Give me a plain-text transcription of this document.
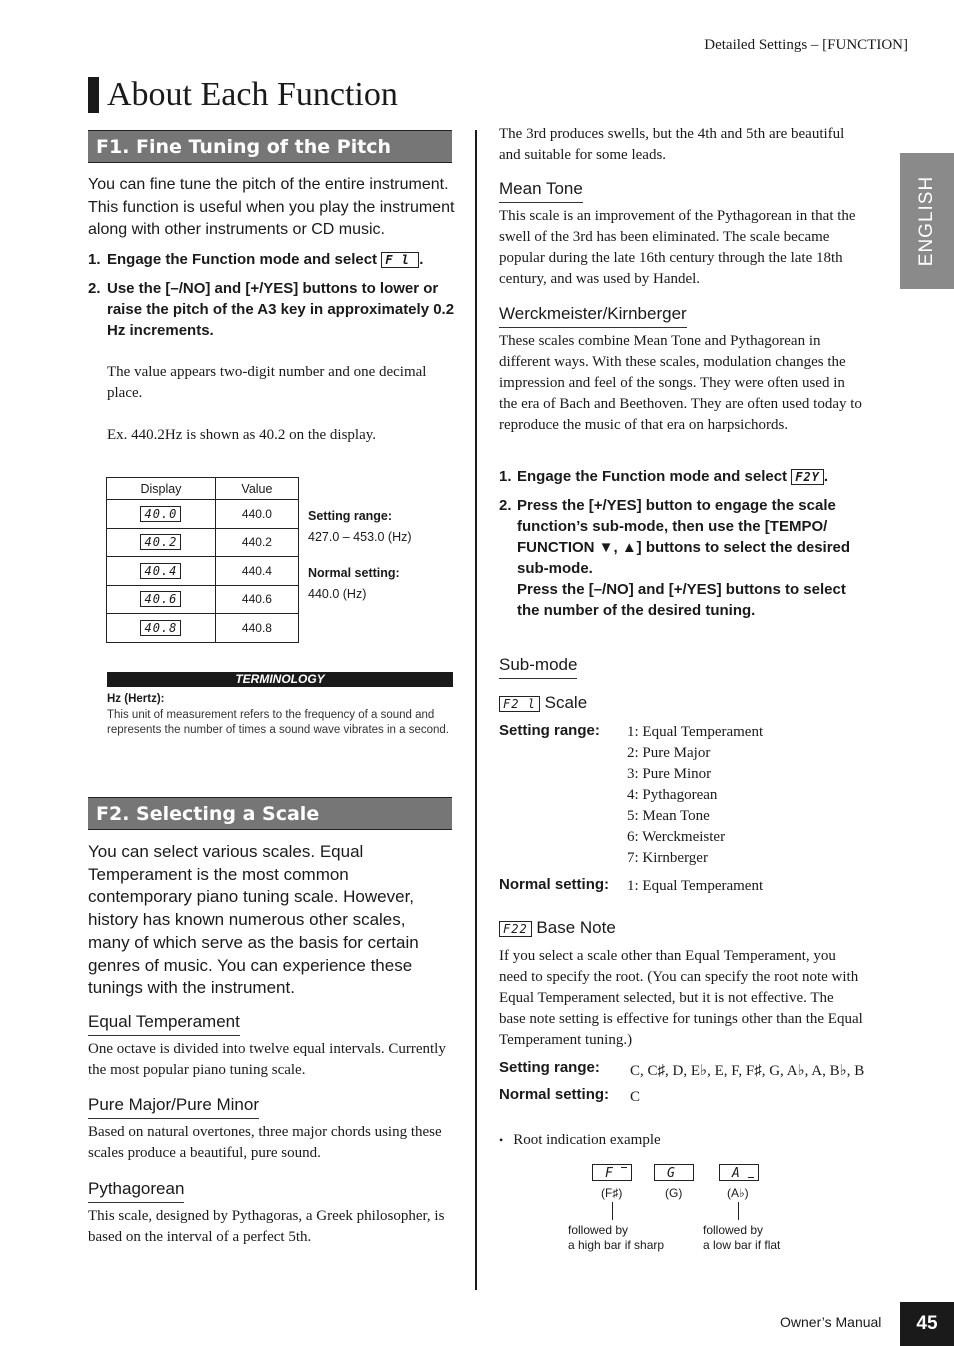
Detailed Settings – [FUNCTION]
About Each Function
ENGLISH
F1. Fine Tuning of the Pitch
You can fine tune the pitch of the entire instrument. This function is useful when you play the instrument along with other instruments or CD music.
1. Engage the Function mode and select F l .
2. Use the [–/NO] and [+/YES] buttons to lower or raise the pitch of the A3 key in approximately 0.2 Hz increments.
The value appears two-digit number and one decimal place.
Ex. 440.2Hz is shown as 40.2 on the display.
Display	Value
40.0	440.0
40.2	440.2
40.4	440.4
40.6	440.6
40.8	440.8
Setting range:
427.0 – 453.0 (Hz)
Normal setting:
440.0 (Hz)
TERMINOLOGY
Hz (Hertz):
This unit of measurement refers to the frequency of a sound and represents the number of times a sound wave vibrates in a second.
F2. Selecting a Scale
You can select various scales. Equal Temperament is the most common contemporary piano tuning scale. However, history has known numerous other scales, many of which serve as the basis for certain genres of music. You can experience these tunings with the instrument.
Equal Temperament
One octave is divided into twelve equal intervals. Currently the most popular piano tuning scale.
Pure Major/Pure Minor
Based on natural overtones, three major chords using these scales produce a beautiful, pure sound.
Pythagorean
This scale, designed by Pythagoras, a Greek philosopher, is based on the interval of a perfect 5th.
The 3rd produces swells, but the 4th and 5th are beautiful and suitable for some leads.
Mean Tone
This scale is an improvement of the Pythagorean in that the swell of the 3rd has been eliminated. The scale became popular during the late 16th century through the late 18th century, and was used by Handel.
Werckmeister/Kirnberger
These scales combine Mean Tone and Pythagorean in different ways. With these scales, modulation changes the impression and feel of the songs. They were often used in the era of Bach and Beethoven. They are often used today to reproduce the music of that era on harpsichords.
1. Engage the Function mode and select F2Y .
2. Press the [+/YES] button to engage the scale function’s sub-mode, then use the [TEMPO/ FUNCTION ▼, ▲] buttons to select the desired sub-mode.
Press the [–/NO] and [+/YES] buttons to select the number of the desired tuning.
Sub-mode
F2 l Scale
Setting range: 1: Equal Temperament
2: Pure Major
3: Pure Minor
4: Pythagorean
5: Mean Tone
6: Werckmeister
7: Kirnberger
Normal setting: 1: Equal Temperament
F22 Base Note
If you select a scale other than Equal Temperament, you need to specify the root. (You can specify the root note with Equal Temperament selected, but it is not effective. The base note setting is effective for tunings other than the Equal Temperament tuning.)
Setting range: C, C♯, D, E♭, E, F, F♯, G, A♭, A, B♭, B
Normal setting: C
• Root indication example
F
(F♯)
G
(G)
A
(A♭)
followed by
a high bar if sharp
followed by
a low bar if flat
Owner’s Manual	45
